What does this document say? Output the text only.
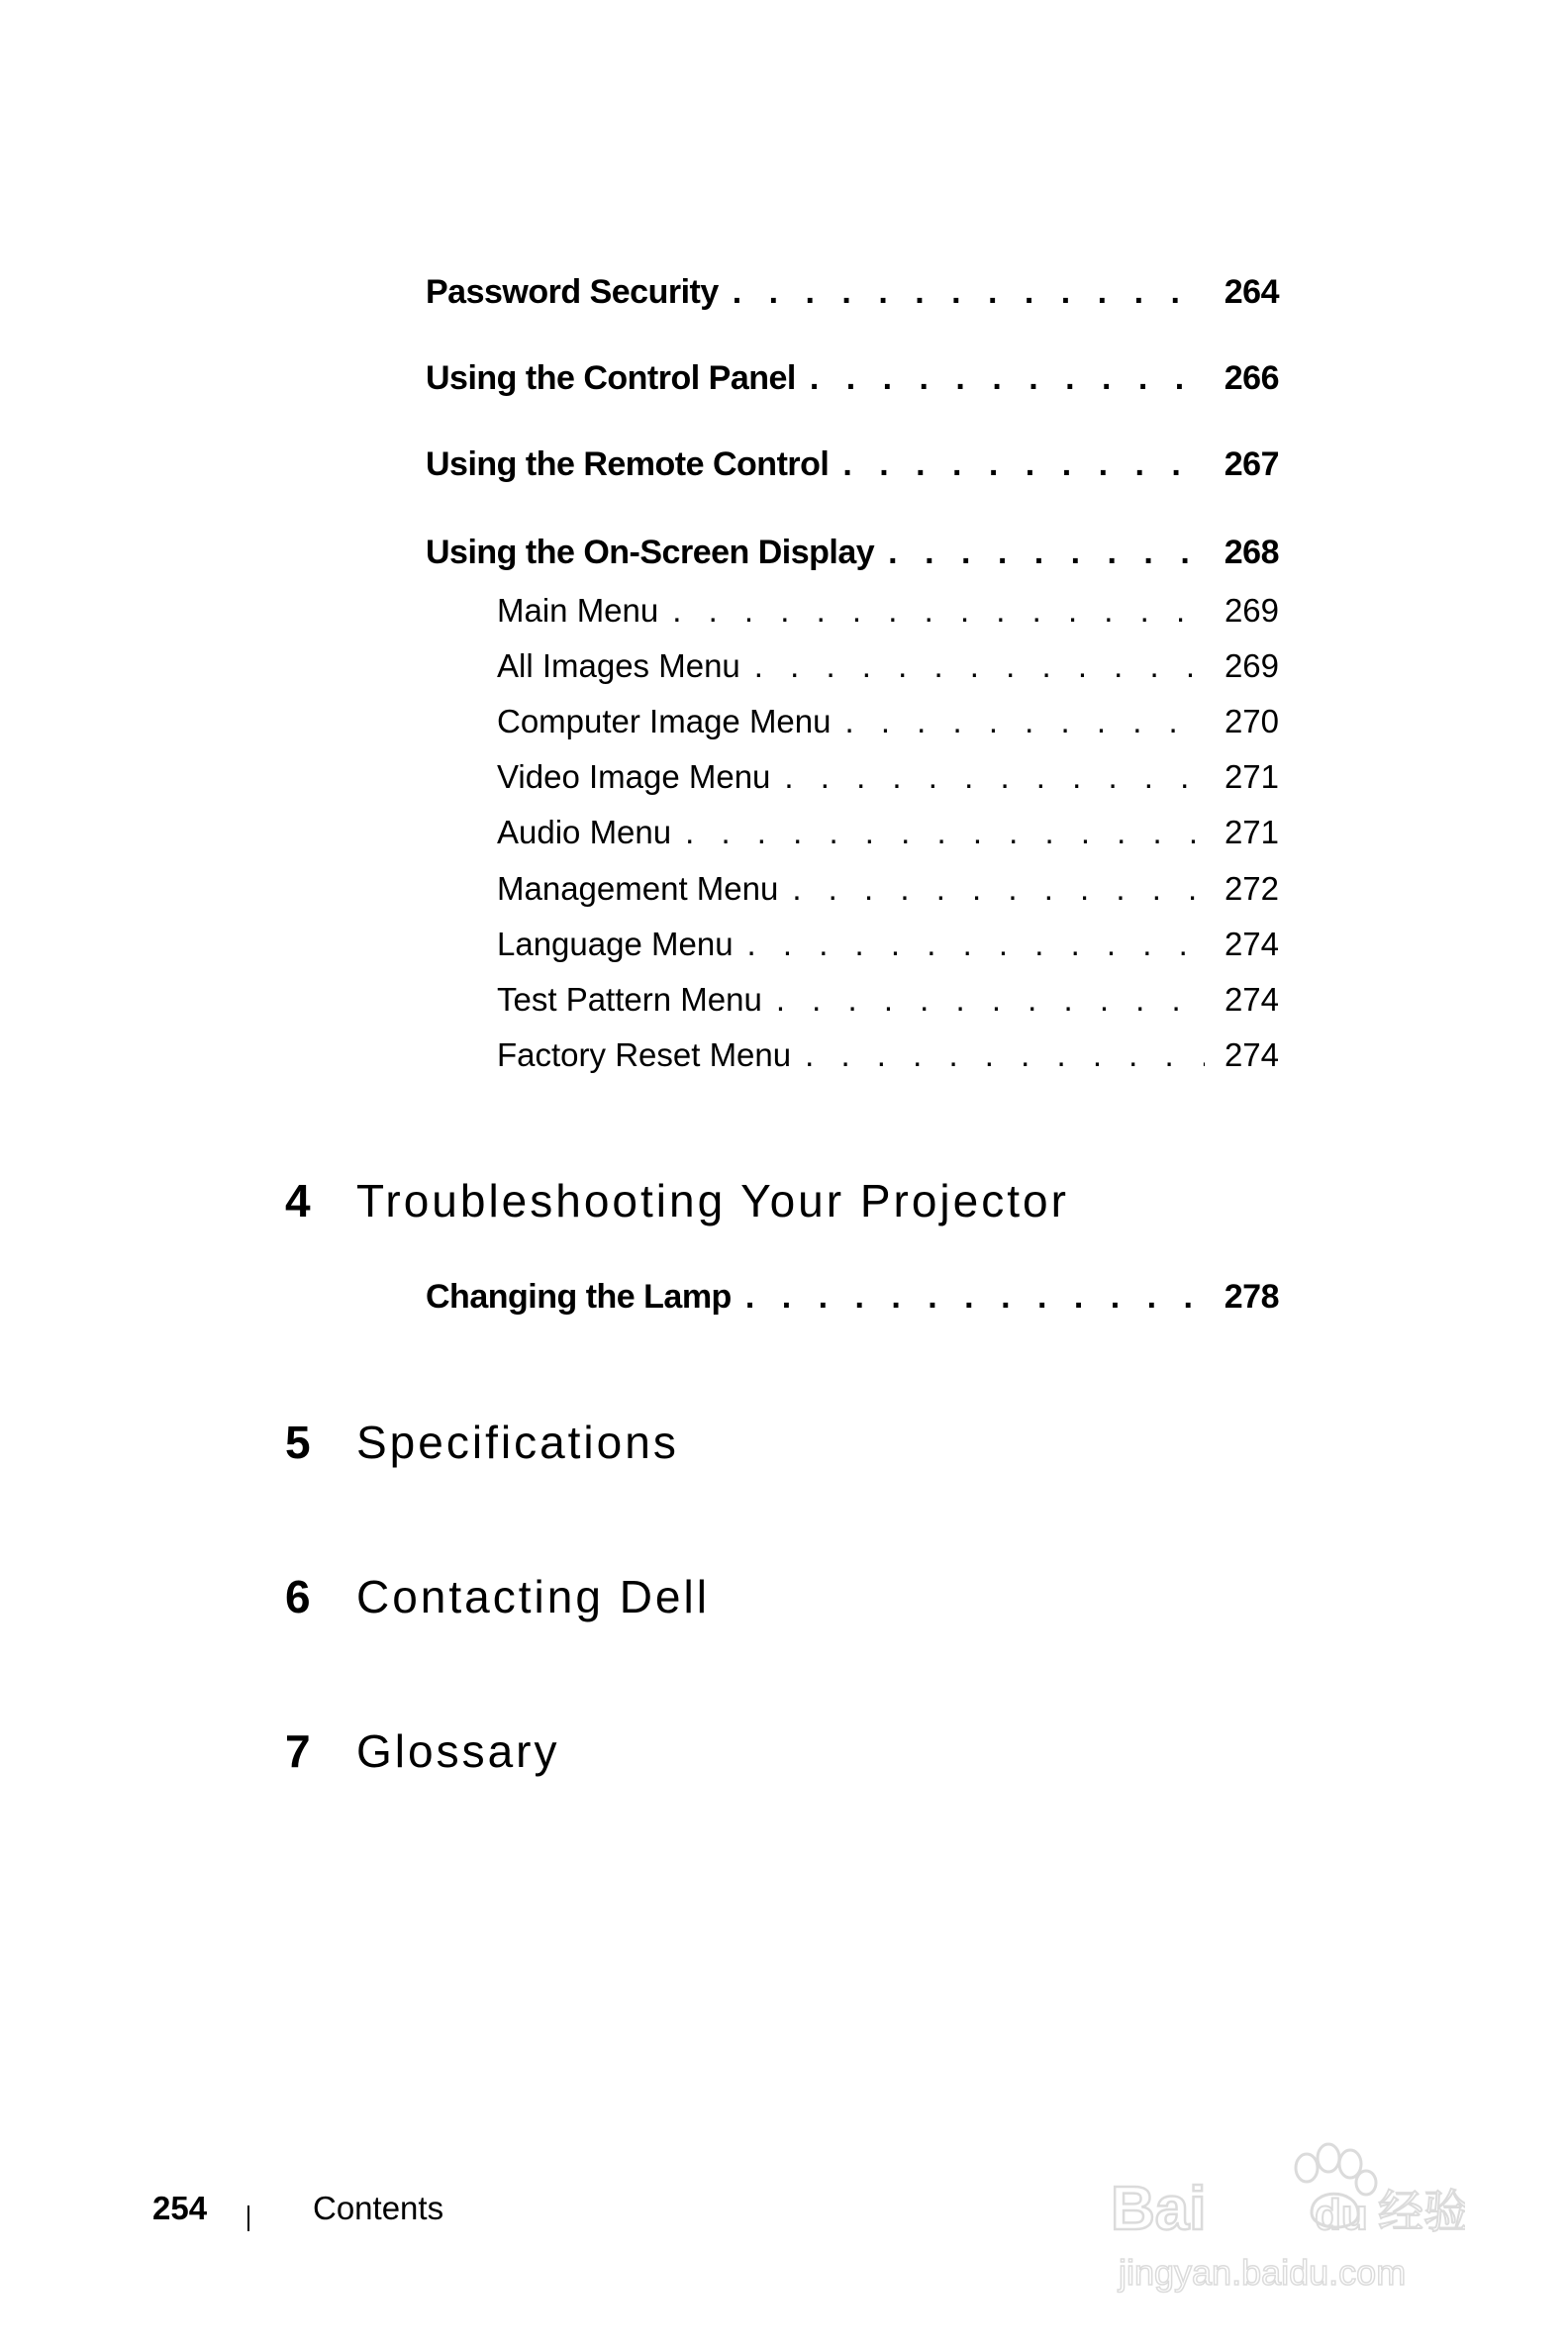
Password Security . . .	264
Using the Control Panel . . .	266
Using the Remote Control . . .	267
Using the On-Screen Display . . .	268
Main Menu . . .	269
All Images Menu . . .	269
Computer Image Menu . . .	270
Video Image Menu . . .	271
Audio Menu . . .	271
Management Menu . . .	272
Language Menu . . .	274
Test Pattern Menu . . .	274
Factory Reset Menu . . .	274
4	Troubleshooting Your Projector
Changing the Lamp . . .	278
5	Specifications
6	Contacting Dell
7	Glossary
254	Contents	Bai du 经验
jingyan.baidu.com
